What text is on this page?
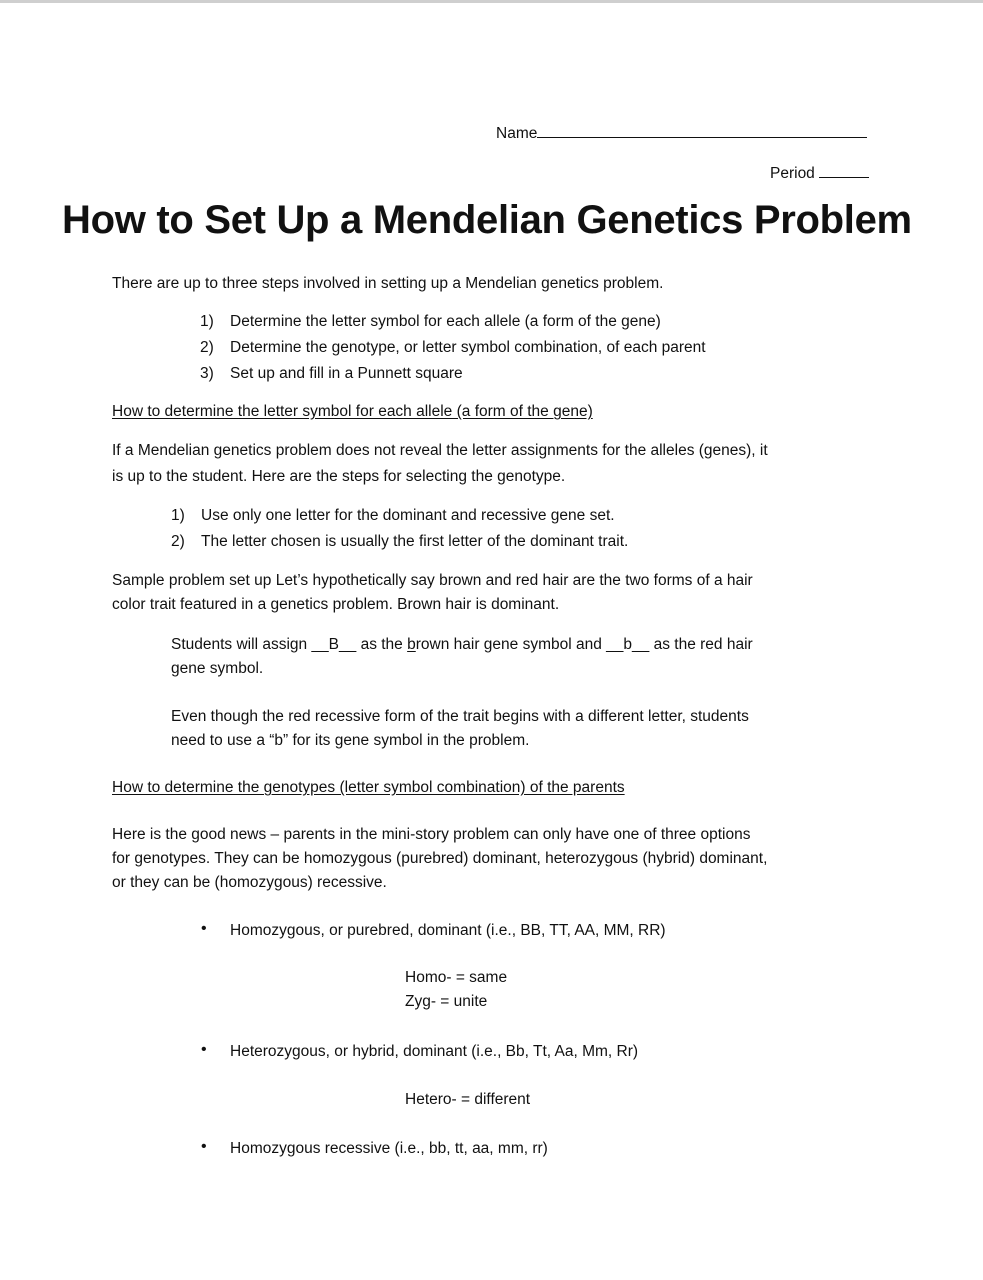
Name
Period
How to Set Up a Mendelian Genetics Problem
There are up to three steps involved in setting up a Mendelian genetics problem.
1) Determine the letter symbol for each allele (a form of the gene)
2) Determine the genotype, or letter symbol combination, of each parent
3) Set up and fill in a Punnett square
How to determine the letter symbol for each allele (a form of the gene)
If a Mendelian genetics problem does not reveal the letter assignments for the alleles (genes), it
is up to the student. Here are the steps for selecting the genotype.
1) Use only one letter for the dominant and recessive gene set.
2) The letter chosen is usually the first letter of the dominant trait.
Sample problem set up Let’s hypothetically say brown and red hair are the two forms of a hair
color trait featured in a genetics problem. Brown hair is dominant.
Students will assign __B__ as the brown hair gene symbol and __b__ as the red hair
gene symbol.
Even though the red recessive form of the trait begins with a different letter, students
need to use a “b” for its gene symbol in the problem.
How to determine the genotypes (letter symbol combination) of the parents
Here is the good news – parents in the mini-story problem can only have one of three options
for genotypes. They can be homozygous (purebred) dominant, heterozygous (hybrid) dominant,
or they can be (homozygous) recessive.
• Homozygous, or purebred, dominant (i.e., BB, TT, AA, MM, RR)
Homo- = same
Zyg- = unite
• Heterozygous, or hybrid, dominant (i.e., Bb, Tt, Aa, Mm, Rr)
Hetero- = different
• Homozygous recessive (i.e., bb, tt, aa, mm, rr)
